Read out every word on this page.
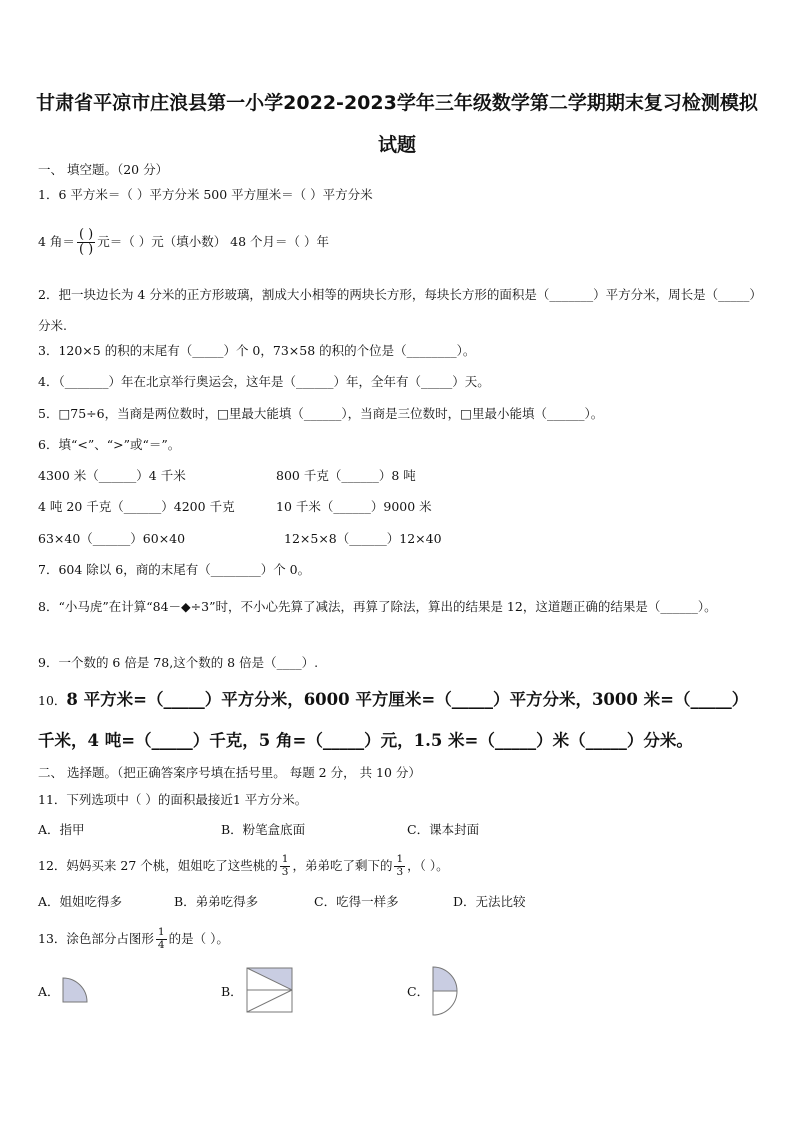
甘肃省平凉市庄浪县第一小学2022-2023学年三年级数学第二学期期末复习检测模拟
试题
一、 填空题。（20 分）
1．6 平方米＝（ ）平方分米 500 平方厘米＝（ ）平方分米
4 角＝ $\frac{( )}{( )}$ 元＝（ ）元（填小数） 48 个月＝（ ）年
2．把一块边长为 4 分米的正方形玻璃，割成大小相等的两块长方形，每块长方形的面积是（_______）平方分米，周长是（_____）分米.
3．120×5 的积的末尾有（_____）个 0，73×58 的积的个位是（________）。
4．（_______）年在北京举行奥运会，这年是（______）年，全年有（_____）天。
5．□75÷6，当商是两位数时，□里最大能填（______），当商是三位数时，□里最小能填（______）。
6．填“<”、“>”或“＝”。
4300 米（______）4 千米	800 千克（______）8 吨
4 吨 20 千克（______）4200 千克	10 千米（______）9000 米
63×40（______）60×40	12×5×8（______）12×40
7．604 除以 6，商的末尾有（________）个 0。
8．“小马虎”在计算“84－◆÷3”时，不小心先算了减法，再算了除法，算出的结果是 12，这道题正确的结果是（______）。
9．一个数的 6 倍是 78,这个数的 8 倍是（____）.
10．8 平方米=（_____）平方分米，6000 平方厘米=（_____）平方分米，3000 米=（_____）
千米，4 吨=（_____）千克，5 角=（_____）元，1.5 米=（_____）米（_____）分米。
二、 选择题。（把正确答案序号填在括号里。 每题 2 分， 共 10 分）
11．下列选项中（ ）的面积最接近1 平方分米。
A．指甲	B．粉笔盒底面	C．课本封面
12．妈妈买来 27 个桃，姐姐吃了这些桃的 $\frac{1}{3}$ ，弟弟吃了剩下的 $\frac{1}{3}$ ，（ ）。
A．姐姐吃得多	B．弟弟吃得多	C．吃得一样多	D．无法比较
13．涂色部分占图形 $\frac{1}{4}$ 的是（ ）。
A．	B．	C．
